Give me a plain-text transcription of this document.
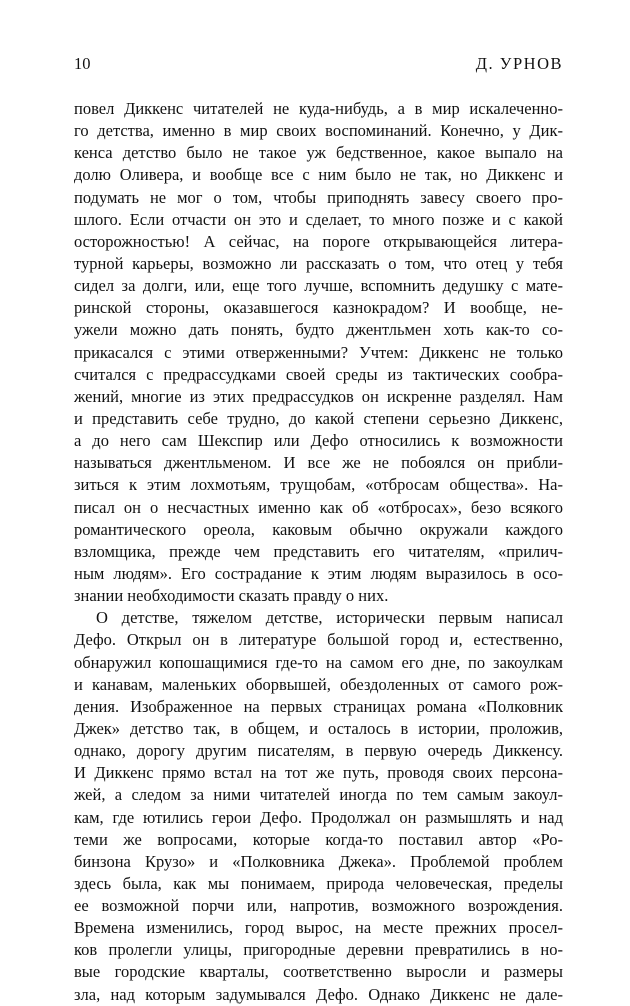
10	Д. УРНОВ
повел Диккенс читателей не куда-нибудь, а в мир искалеченно-
го детства, именно в мир своих воспоминаний. Конечно, у Дик-
кенса детство было не такое уж бедственное, какое выпало на
долю Оливера, и вообще все с ним было не так, но Диккенс и
подумать не мог о том, чтобы приподнять завесу своего про-
шлого. Если отчасти он это и сделает, то много позже и с какой
осторожностью! А сейчас, на пороге открывающейся литера-
турной карьеры, возможно ли рассказать о том, что отец у тебя
сидел за долги, или, еще того лучше, вспомнить дедушку с мате-
ринской стороны, оказавшегося казнокрадом? И вообще, не-
ужели можно дать понять, будто джентльмен хоть как-то со-
прикасался с этими отверженными? Учтем: Диккенс не только
считался с предрассудками своей среды из тактических сообра-
жений, многие из этих предрассудков он искренне разделял. Нам
и представить себе трудно, до какой степени серьезно Диккенс,
а до него сам Шекспир или Дефо относились к возможности
называться джентльменом. И все же не побоялся он прибли-
зиться к этим лохмотьям, трущобам, «отбросам общества». На-
писал он о несчастных именно как об «отбросах», безо всякого
романтического ореола, каковым обычно окружали каждого
взломщика, прежде чем представить его читателям, «прилич-
ным людям». Его сострадание к этим людям выразилось в осо-
знании необходимости сказать правду о них.
О детстве, тяжелом детстве, исторически первым написал
Дефо. Открыл он в литературе большой город и, естественно,
обнаружил копошащимися где-то на самом его дне, по закоулкам
и канавам, маленьких оборвышей, обездоленных от самого рож-
дения. Изображенное на первых страницах романа «Полковник
Джек» детство так, в общем, и осталось в истории, проложив,
однако, дорогу другим писателям, в первую очередь Диккенсу.
И Диккенс прямо встал на тот же путь, проводя своих персона-
жей, а следом за ними читателей иногда по тем самым закоул-
кам, где ютились герои Дефо. Продолжал он размышлять и над
теми же вопросами, которые когда-то поставил автор «Ро-
бинзона Крузо» и «Полковника Джека». Проблемой проблем
здесь была, как мы понимаем, природа человеческая, пределы
ее возможной порчи или, напротив, возможного возрождения.
Времена изменились, город вырос, на месте прежних просел-
ков пролегли улицы, пригородные деревни превратились в но-
вые городские кварталы, соответственно выросли и размеры
зла, над которым задумывался Дефо. Однако Диккенс не дале-
